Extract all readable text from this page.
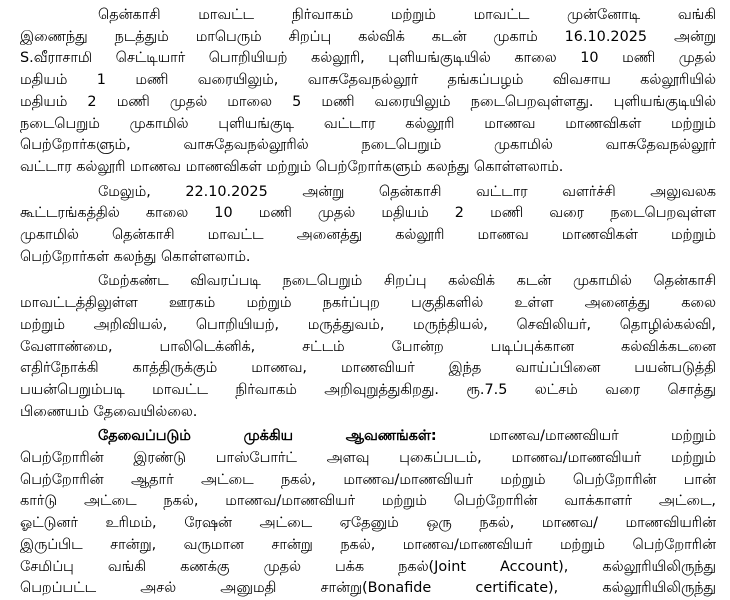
தென்காசி மாவட்ட நிர்வாகம் மற்றும் மாவட்ட முன்னோடி வங்கி
இணைந்து நடத்தும் மாபெரும் சிறப்பு கல்விக் கடன் முகாம் 16.10.2025 அன்று
S.வீராசாமி செட்டியார் பொறியியற் கல்லூரி, புளியங்குடியில் காலை 10 மணி முதல்
மதியம் 1 மணி வரையிலும், வாசுதேவநல்லூர் தங்கப்பழம் விவசாய கல்லூரியில்
மதியம் 2 மணி முதல் மாலை 5 மணி வரையிலும் நடைபெறவுள்ளது. புளியங்குடியில்
நடைபெறும் முகாமில் புளியங்குடி வட்டார கல்லூரி மாணவ மாணவிகள் மற்றும்
பெற்றோர்களும், வாசுதேவநல்லூரில் நடைபெறும் முகாமில் வாசுதேவநல்லூர்
வட்டார கல்லூரி மாணவ மாணவிகள் மற்றும் பெற்றோர்களும் கலந்து கொள்ளலாம்.
மேலும், 22.10.2025 அன்று தென்காசி வட்டார வளர்ச்சி அலுவலக
கூட்டரங்கத்தில் காலை 10 மணி முதல் மதியம் 2 மணி வரை நடைபெறவுள்ள
முகாமில் தென்காசி மாவட்ட அனைத்து கல்லூரி மாணவ மாணவிகள் மற்றும்
பெற்றோர்கள் கலந்து கொள்ளலாம்.
மேற்கண்ட விவரப்படி நடைபெறும் சிறப்பு கல்விக் கடன் முகாமில் தென்காசி
மாவட்டத்திலுள்ள ஊரகம் மற்றும் நகர்ப்புற பகுதிகளில் உள்ள அனைத்து கலை
மற்றும் அறிவியல், பொறியியற், மருத்துவம், மருந்தியல், செவிலியர், தொழில்கல்வி,
வேளாண்மை, பாலிடெக்னிக், சட்டம் போன்ற படிப்புக்கான கல்விக்கடனை
எதிர்நோக்கி காத்திருக்கும் மாணவ, மாணவியர் இந்த வாய்ப்பினை பயன்படுத்தி
பயன்பெறும்படி மாவட்ட நிர்வாகம் அறிவுறுத்துகிறது. ரூ.7.5 லட்சம் வரை சொத்து
பிணையம் தேவையில்லை.
தேவைப்படும் முக்கிய ஆவணங்கள்:	மாணவ/மாணவியர் மற்றும்
பெற்றோரின் இரண்டு பாஸ்போர்ட் அளவு புகைப்படம், மாணவ/மாணவியர் மற்றும்
பெற்றோரின் ஆதார் அட்டை நகல், மாணவ/மாணவியர் மற்றும் பெற்றோரின் பான்
கார்டு அட்டை நகல், மாணவ/மாணவியர் மற்றும் பெற்றோரின் வாக்காளர் அட்டை,
ஓட்டுனர் உரிமம், ரேஷன் அட்டை ஏதேனும் ஒரு நகல், மாணவ/ மாணவியரின்
இருப்பிட சான்று, வருமான சான்று நகல், மாணவ/மாணவியர் மற்றும் பெற்றோரின்
சேமிப்பு வங்கி கணக்கு முதல் பக்க நகல்(Joint Account), கல்லூரியிலிருந்து
பெறப்பட்ட அசல் அனுமதி சான்று(Bonafide certificate), கல்லூரியிலிருந்து
